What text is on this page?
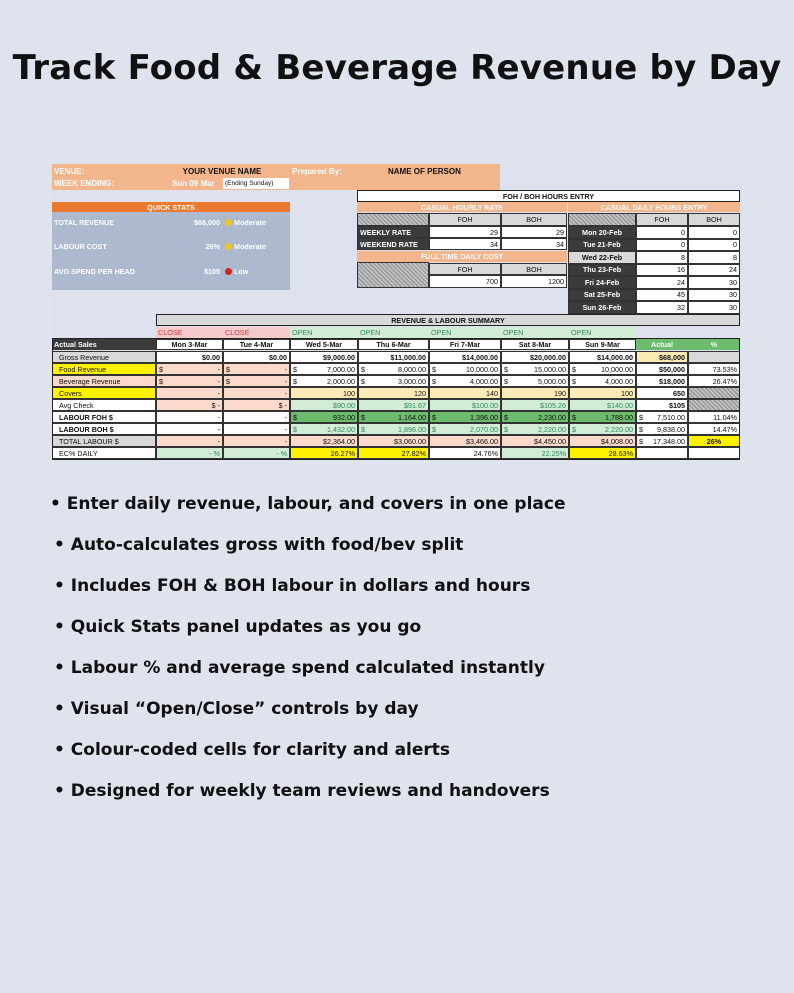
Track Food & Beverage Revenue by Day
VENUE:
WEEK ENDING:
YOUR VENUE NAME
Sun 09 Mar	(Ending Sunday)
Prepared By:	NAME OF PERSON
QUICK STATS
TOTAL REVENUE	$68,000 Moderate
LABOUR COST	26% Moderate
AVG SPEND PER HEAD	$105 Low
FOH / BOH HOURS ENTRY
CASUAL HOURLY RATE	CASUAL DAILY HOURS ENTRY
FOH	BOH	FOH	BOH
WEEKLY RATE	29	29
WEEKEND RATE	34	34
FULL TIME DAILY COST
FOH	BOH
700	1200
Mon 20-Feb	0	0
Tue 21-Feb	0	0
Wed 22-Feb	8	8
Thu 23-Feb	16	24
Fri 24-Feb	24	30
Sat 25-Feb	45	30
Sun 26-Feb	32	30
REVENUE & LABOUR SUMMARY
CLOSE	CLOSE	OPEN	OPEN	OPEN	OPEN	OPEN
Actual Sales	Mon 3-Mar	Tue 4-Mar	Wed 5-Mar	Thu 6-Mar	Fri 7-Mar	Sat 8-Mar	Sun 9-Mar	Actual	%
Gross Revenue	$0.00	$0.00	$9,000.00	$11,000.00	$14,000.00	$20,000.00	$14,000.00	$68,000
Food Revenue	$	- $	- $	7,000.00 $	8,000.00 $	10,000.00 $	15,000.00 $	10,000.00	$50,000	73.53%
Beverage Revenue	$	- $	- $	2,000.00 $	3,000.00 $	4,000.00 $	5,000.00 $	4,000.00	$18,000	26.47%
Covers	-	-	100	120	140	190	100	650
Avg Check	$ -	$ -	$90.00	$91.67	$100.00	$105.26	$140.00	$105
LABOUR FOH $	-	- $	932.00 $	1,164.00 $	1,396.00 $	2,230.00 $	1,788.00 $ 7,510.00	11.04%
LABOUR BOH $	-	- $	1,432.00 $	1,896.00 $	2,070.00 $	2,220.00 $	2,220.00 $ 9,838.00	14.47%
TOTAL LABOUR $	-	-	$2,364.00	$3,060.00	$3,466.00	$4,450.00	$4,008.00 $ 17,348.00	26%
EC% DAILY	- %	- %	26.27%	27.82%	24.76%	22.25%	28.63%
• Enter daily revenue, labour, and covers in one place
• Auto-calculates gross with food/bev split
• Includes FOH & BOH labour in dollars and hours
• Quick Stats panel updates as you go
• Labour % and average spend calculated instantly
• Visual “Open/Close” controls by day
• Colour-coded cells for clarity and alerts
• Designed for weekly team reviews and handovers
